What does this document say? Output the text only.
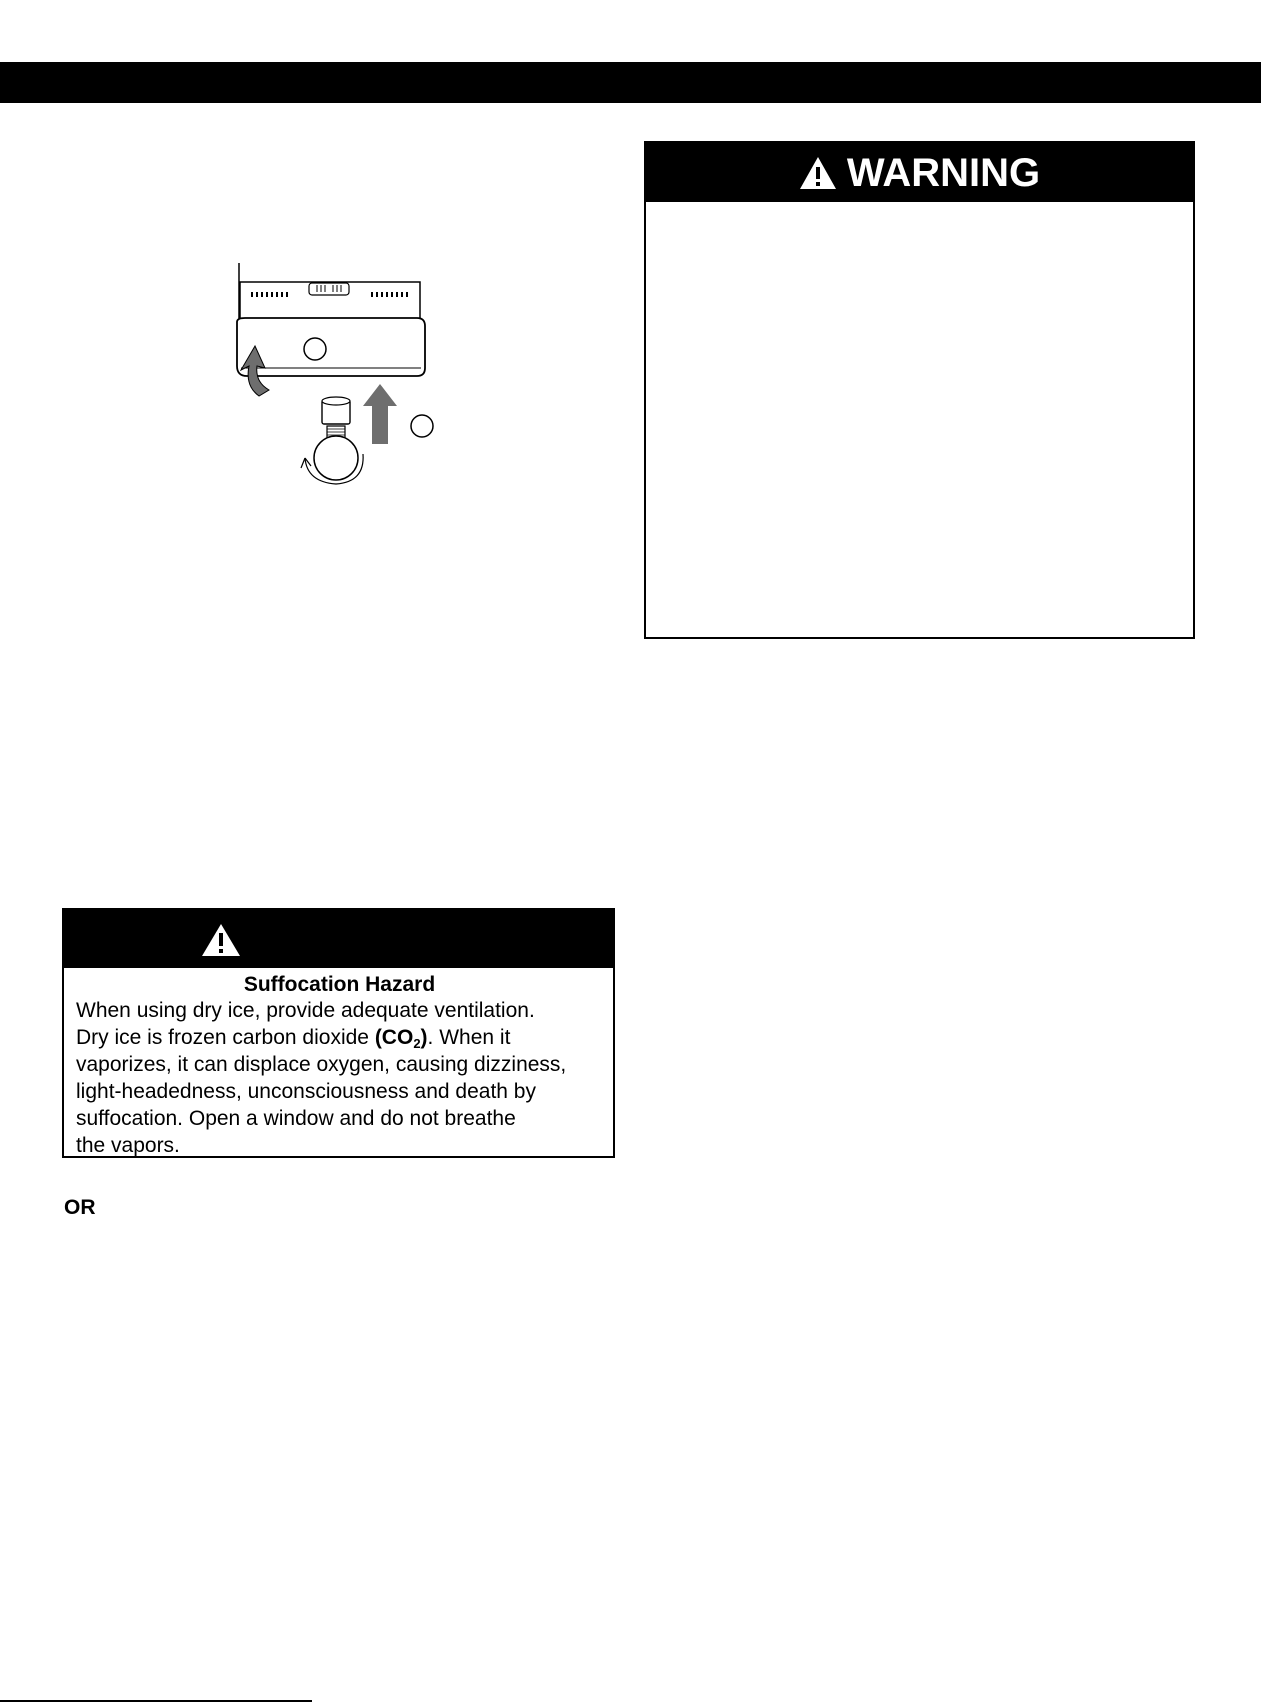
WARNING

Suffocation Hazard

When using dry ice, provide adequate ventilation.

Dry ice is frozen carbon dioxide $(CO_2)$. When it

vaporizes, it can displace oxygen, causing dizziness,

light-headedness, unconsciousness and death by

suffocation. Open a window and do not breathe

the vapors.

OR
